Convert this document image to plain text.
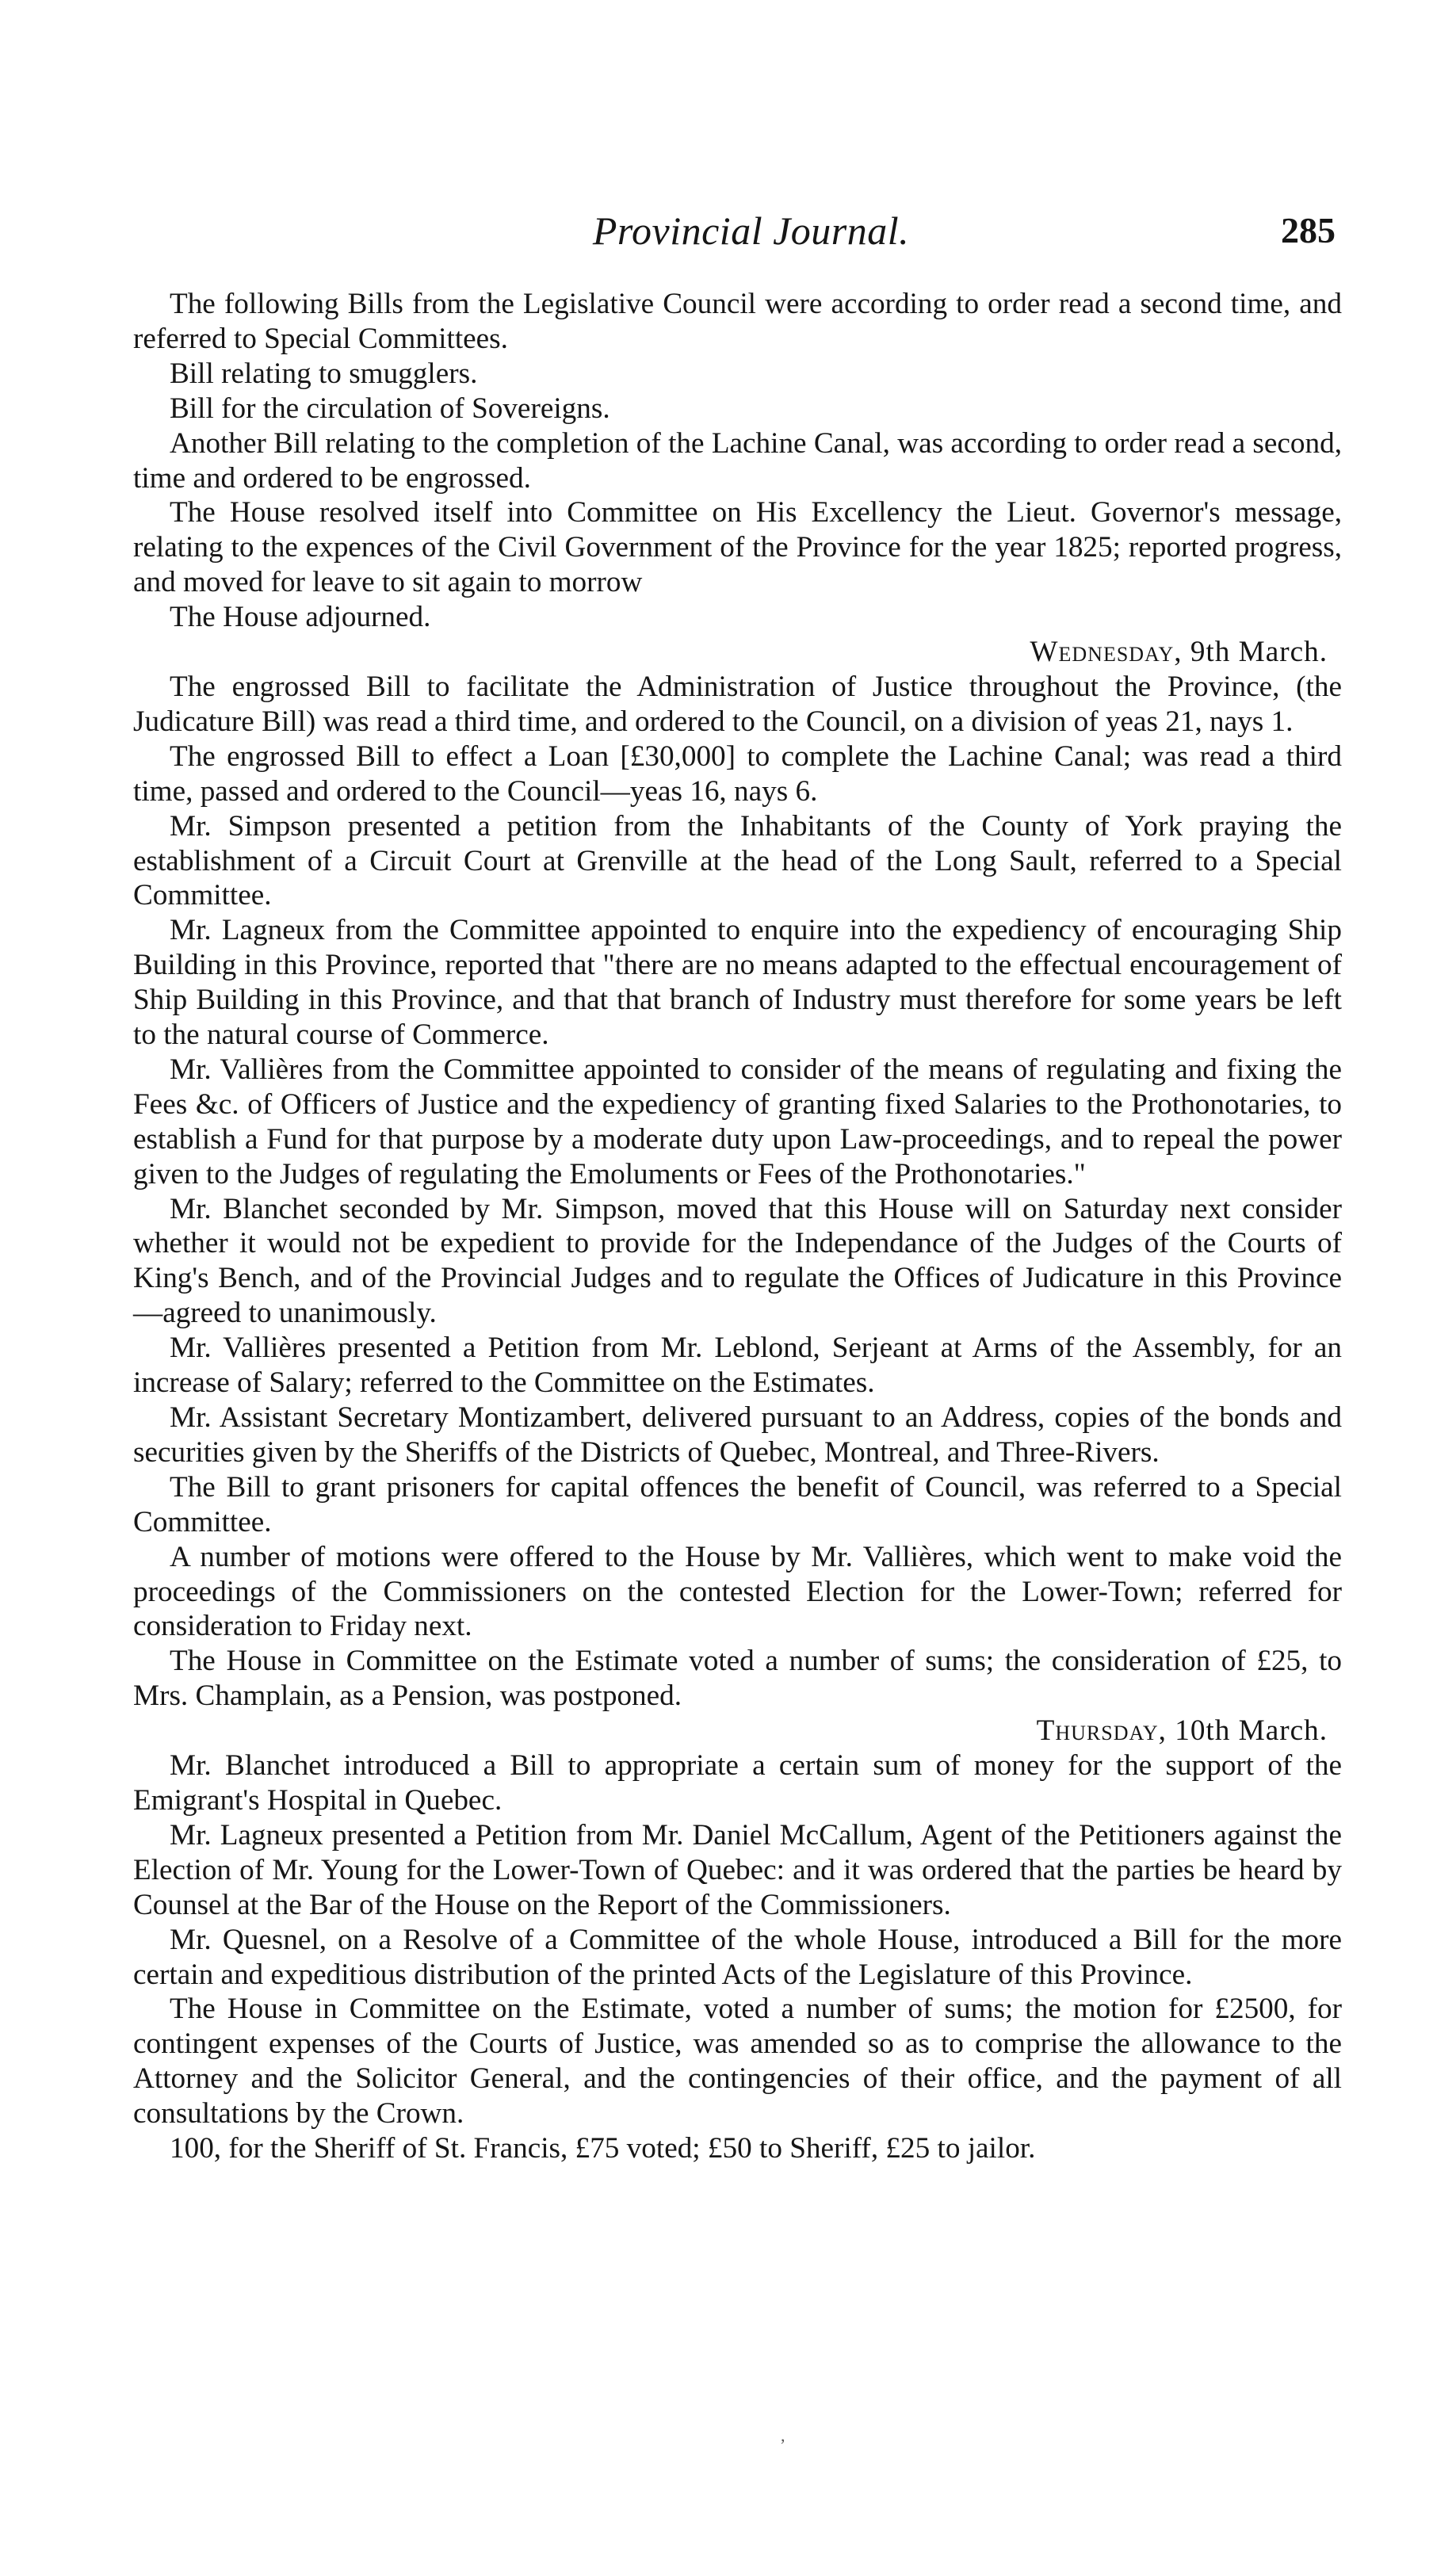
Provincial Journal.	285

The following Bills from the Legislative Council were according to order read a second time, and referred to Special Committees.

Bill relating to smugglers.

Bill for the circulation of Sovereigns.

Another Bill relating to the completion of the Lachine Canal, was according to order read a second, time and ordered to be engrossed.

The House resolved itself into Committee on His Excellency the Lieut. Governor's message, relating to the expences of the Civil Government of the Province for the year 1825; reported progress, and moved for leave to sit again to morrow

The House adjourned.

Wednesday, 9th March.

The engrossed Bill to facilitate the Administration of Justice throughout the Province, (the Judicature Bill) was read a third time, and ordered to the Council, on a division of yeas 21, nays 1.

The engrossed Bill to effect a Loan [£30,000] to complete the Lachine Canal; was read a third time, passed and ordered to the Council—yeas 16, nays 6.

Mr. Simpson presented a petition from the Inhabitants of the County of York praying the establishment of a Circuit Court at Grenville at the head of the Long Sault, referred to a Special Committee.

Mr. Lagneux from the Committee appointed to enquire into the expediency of encouraging Ship Building in this Province, reported that "there are no means adapted to the effectual encouragement of Ship Building in this Province, and that that branch of Industry must therefore for some years be left to the natural course of Commerce.

Mr. Vallières from the Committee appointed to consider of the means of regulating and fixing the Fees &c. of Officers of Justice and the expediency of granting fixed Salaries to the Prothonotaries, to establish a Fund for that purpose by a moderate duty upon Law-proceedings, and to repeal the power given to the Judges of regulating the Emoluments or Fees of the Prothonotaries."

Mr. Blanchet seconded by Mr. Simpson, moved that this House will on Saturday next consider whether it would not be expedient to provide for the Independance of the Judges of the Courts of King's Bench, and of the Provincial Judges and to regulate the Offices of Judicature in this Province—agreed to unanimously.

Mr. Vallières presented a Petition from Mr. Leblond, Serjeant at Arms of the Assembly, for an increase of Salary; referred to the Committee on the Estimates.

Mr. Assistant Secretary Montizambert, delivered pursuant to an Address, copies of the bonds and securities given by the Sheriffs of the Districts of Quebec, Montreal, and Three-Rivers.

The Bill to grant prisoners for capital offences the benefit of Council, was referred to a Special Committee.

A number of motions were offered to the House by Mr. Vallières, which went to make void the proceedings of the Commissioners on the contested Election for the Lower-Town; referred for consideration to Friday next.

The House in Committee on the Estimate voted a number of sums; the consideration of £25, to Mrs. Champlain, as a Pension, was postponed.

Thursday, 10th March.

Mr. Blanchet introduced a Bill to appropriate a certain sum of money for the support of the Emigrant's Hospital in Quebec.

Mr. Lagneux presented a Petition from Mr. Daniel McCallum, Agent of the Petitioners against the Election of Mr. Young for the Lower-Town of Quebec: and it was ordered that the parties be heard by Counsel at the Bar of the House on the Report of the Commissioners.

Mr. Quesnel, on a Resolve of a Committee of the whole House, introduced a Bill for the more certain and expeditious distribution of the printed Acts of the Legislature of this Province.

The House in Committee on the Estimate, voted a number of sums; the motion for £2500, for contingent expenses of the Courts of Justice, was amended so as to comprise the allowance to the Attorney and the Solicitor General, and the contingencies of their office, and the payment of all consultations by the Crown.

100, for the Sheriff of St. Francis, £75 voted; £50 to Sheriff, £25 to jailor.

,
